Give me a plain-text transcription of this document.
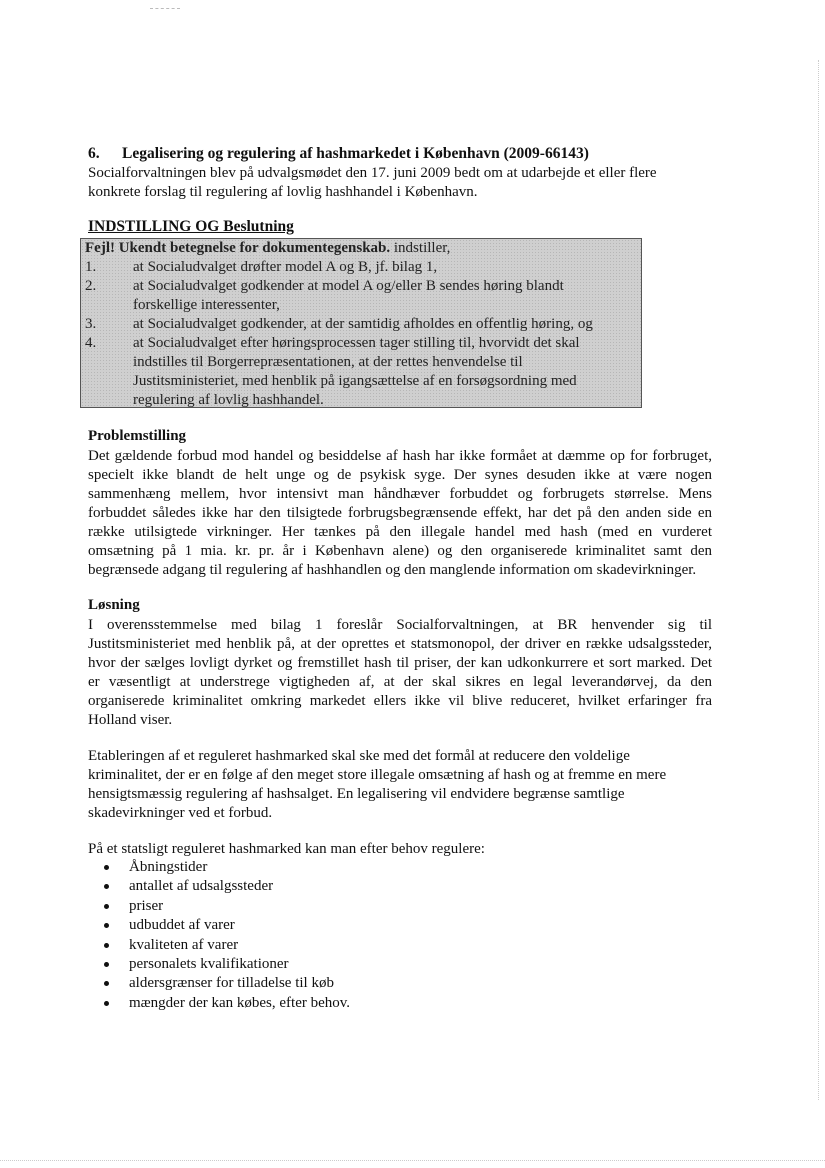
6. Legalisering og regulering af hashmarkedet i København (2009-66143)
Socialforvaltningen blev på udvalgsmødet den 17. juni 2009 bedt om at udarbejde et eller flere
konkrete forslag til regulering af lovlig hashhandel i København.
INDSTILLING OG Beslutning
Fejl! Ukendt betegnelse for dokumentegenskab. indstiller,
1. at Socialudvalget drøfter model A og B, jf. bilag 1,
2. at Socialudvalget godkender at model A og/eller B sendes høring blandt
forskellige interessenter,
3. at Socialudvalget godkender, at der samtidig afholdes en offentlig høring, og
4. at Socialudvalget efter høringsprocessen tager stilling til, hvorvidt det skal
indstilles til Borgerrepræsentationen, at der rettes henvendelse til
Justitsministeriet, med henblik på igangsættelse af en forsøgsordning med
regulering af lovlig hashhandel.
Problemstilling
Det gældende forbud mod handel og besiddelse af hash har ikke formået at dæmme op for forbruget,
specielt ikke blandt de helt unge og de psykisk syge. Der synes desuden ikke at være nogen
sammenhæng mellem, hvor intensivt man håndhæver forbuddet og forbrugets størrelse. Mens
forbuddet således ikke har den tilsigtede forbrugsbegrænsende effekt, har det på den anden side en
række utilsigtede virkninger. Her tænkes på den illegale handel med hash (med en vurderet
omsætning på 1 mia. kr. pr. år i København alene) og den organiserede kriminalitet samt den
begrænsede adgang til regulering af hashhandlen og den manglende information om skadevirkninger.
Løsning
I overensstemmelse med bilag 1 foreslår Socialforvaltningen, at BR henvender sig til
Justitsministeriet med henblik på, at der oprettes et statsmonopol, der driver en række udsalgssteder,
hvor der sælges lovligt dyrket og fremstillet hash til priser, der kan udkonkurrere et sort marked. Det
er væsentligt at understrege vigtigheden af, at der skal sikres en legal leverandørvej, da den
organiserede kriminalitet omkring markedet ellers ikke vil blive reduceret, hvilket erfaringer fra
Holland viser.
Etableringen af et reguleret hashmarked skal ske med det formål at reducere den voldelige
kriminalitet, der er en følge af den meget store illegale omsætning af hash og at fremme en mere
hensigtsmæssig regulering af hashsalget. En legalisering vil endvidere begrænse samtlige
skadevirkninger ved et forbud.
På et statsligt reguleret hashmarked kan man efter behov regulere:
Åbningstider
antallet af udsalgssteder
priser
udbuddet af varer
kvaliteten af varer
personalets kvalifikationer
aldersgrænser for tilladelse til køb
mængder der kan købes, efter behov.
